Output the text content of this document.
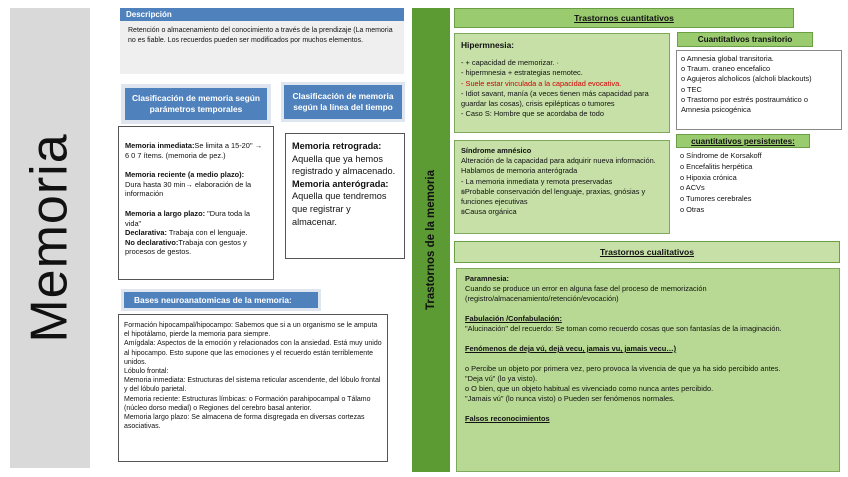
Memoria
Descripción
Retención o almacenamiento del conocimiento a través de la prendizaje (La memoria no es fiable. Los recuerdos pueden ser modificados por muchos elementos.
Clasificación de memoria según parámetros temporales
Clasificación de memoria según la línea del tiempo

Memoria inmediata:Se limita a 15-20'' → 6 0 7 ítems. (memoria de pez.)

Memoria reciente (a medio plazo):
Dura hasta 30 min→ elaboración de la información

Memoria a largo plazo: "Dura toda la vida"

Declarativa: Trabaja con el lenguaje.

No declarativo:Trabaja con gestos y procesos de gestos.

Memoria retrograda:
Aquella que ya hemos registrado y almacenado.

Memoria anterógrada: Aquella que tendremos que registrar y almacenar.

Bases neuroanatomicas de la memoria:

Formación hipocampal/hipocampo: Sabemos que si a un organismo se le amputa el hipotálamo, pierde la memoria para siempre.

Amígdala: Aspectos de la emoción y relacionados con la ansiedad. Está muy unido al hipocampo. Esto supone que las emociones y el recuerdo están terriblemente unidos.

Lóbulo frontal:

Memoria inmediata: Estructuras del sistema reticular ascendente, del lóbulo frontal y del lóbulo parietal.

Memoria reciente: Estructuras límbicas: o Formación parahipocampal o Tálamo (núcleo dorso medial) o Regiones del cerebro basal anterior.

Memoria largo plazo: Se almacena de forma disgregada en diversas cortezas asociativas.

Trastornos de la memoria
Trastornos cuantitativos

Hipermnesia:

- + capacidad de memorizar. ·

- hipermnesia + estrategias nemotec.

- Suele estar vinculada a la capacidad evocativa.

- Idiot savant, manía (a veces tienen más capacidad para guardar las cosas), crisis epilépticas o tumores

- Caso S: Hombre que se acordaba de todo

Síndrome amnésico

Alteración de la capacidad para adquirir nueva información. Hablamos de memoria anterógrada

- La memoria inmediata y remota preservadas

ꞩProbable conservación del lenguaje, praxias, gnósias y funciones ejecutivas

ꞩCausa orgánica

Cuantitativos transitorio

o Amnesia global transitoria.

o Traum. craneo encefalico

o Agujeros alcholicos (alcholi blackouts)

o TEC

o Trastorno por estrés postraumático o Amnesia psicogénica

cuantitativos persistentes:

o Síndrome de Korsakoff

o Encefalitis herpética

o Hipoxia crónica

o ACVs

o Tumores cerebrales

o Otras

Trastornos cualitativos

Paramnesia:

Cuando se produce un error en alguna fase del proceso de memorización (registro/almacenamiento/retención/evocación)

Fabulación /Confabulación:

"Alucinación" del recuerdo: Se toman como recuerdo cosas que son fantasías de la imaginación.

Fenómenos de deja vú, dejà vecu, jamais vu, jamais vecu…)

o Percibe un objeto por primera vez, pero provoca la vivencia de que ya ha sido percibido antes.

"Deja vú" (lo ya visto).

o O bien, que un objeto habitual es vivenciado como nunca antes percibido.

"Jamais vú" (lo nunca visto) o Pueden ser fenómenos normales.

Falsos reconocimientos
